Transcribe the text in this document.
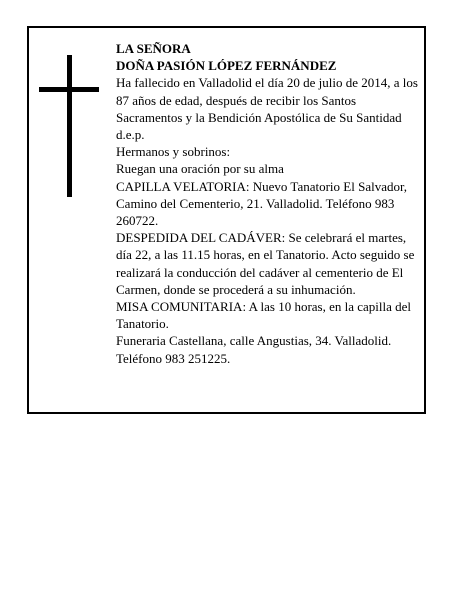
LA SEÑORA

DOÑA PASIÓN LÓPEZ FERNÁNDEZ

Ha fallecido en Valladolid el día 20 de julio de 2014, a los 87 años de edad, después de recibir los Santos Sacramentos y la Bendición Apostólica de Su Santidad d.e.p.

Hermanos y sobrinos:

Ruegan una oración por su alma

CAPILLA VELATORIA: Nuevo Tanatorio El Salvador, Camino del Cementerio, 21. Valladolid. Teléfono 983 260722.

DESPEDIDA DEL CADÁVER: Se celebrará el martes, día 22, a las 11.15 horas, en el Tanatorio. Acto seguido se realizará la conducción del cadáver al cementerio de El Carmen, donde se procederá a su inhumación.

MISA COMUNITARIA: A las 10 horas, en la capilla del Tanatorio.

Funeraria Castellana, calle Angustias, 34. Valladolid. Teléfono 983 251225.
